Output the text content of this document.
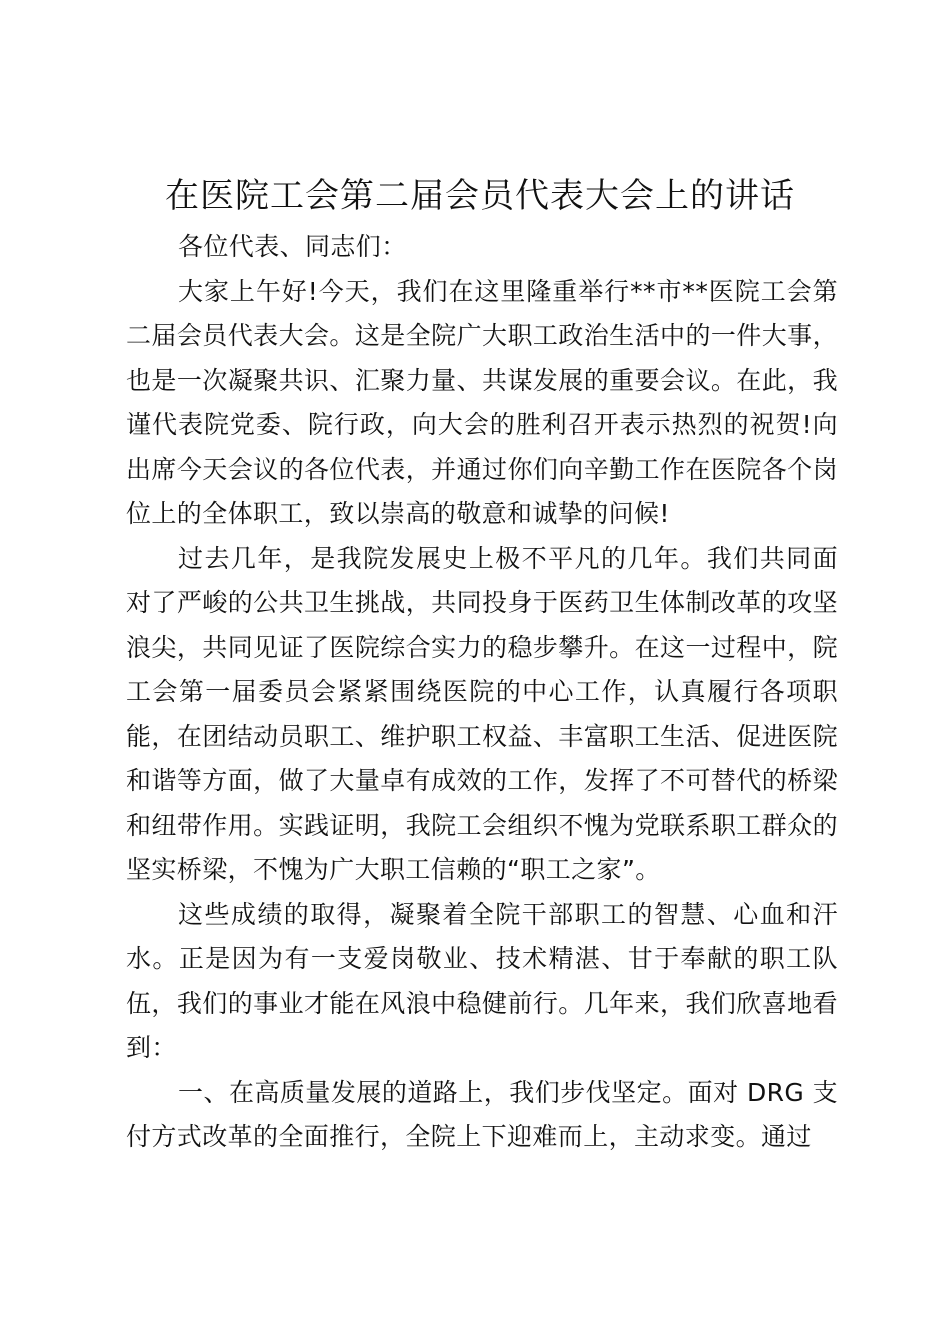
在医院工会第二届会员代表大会上的讲话

各位代表、同志们：

大家上午好!今天，我们在这里隆重举行**市**医院工会第二届会员代表大会。这是全院广大职工政治生活中的一件大事，也是一次凝聚共识、汇聚力量、共谋发展的重要会议。在此，我谨代表院党委、院行政，向大会的胜利召开表示热烈的祝贺!向出席今天会议的各位代表，并通过你们向辛勤工作在医院各个岗位上的全体职工，致以崇高的敬意和诚挚的问候!

过去几年，是我院发展史上极不平凡的几年。我们共同面对了严峻的公共卫生挑战，共同投身于医药卫生体制改革的攻坚浪尖，共同见证了医院综合实力的稳步攀升。在这一过程中，院工会第一届委员会紧紧围绕医院的中心工作，认真履行各项职能，在团结动员职工、维护职工权益、丰富职工生活、促进医院和谐等方面，做了大量卓有成效的工作，发挥了不可替代的桥梁和纽带作用。实践证明，我院工会组织不愧为党联系职工群众的坚实桥梁，不愧为广大职工信赖的“职工之家”。

这些成绩的取得，凝聚着全院干部职工的智慧、心血和汗水。正是因为有一支爱岗敬业、技术精湛、甘于奉献的职工队伍，我们的事业才能在风浪中稳健前行。几年来，我们欣喜地看到：

一、在高质量发展的道路上，我们步伐坚定。面对 DRG 支付方式改革的全面推行，全院上下迎难而上，主动求变。通过
